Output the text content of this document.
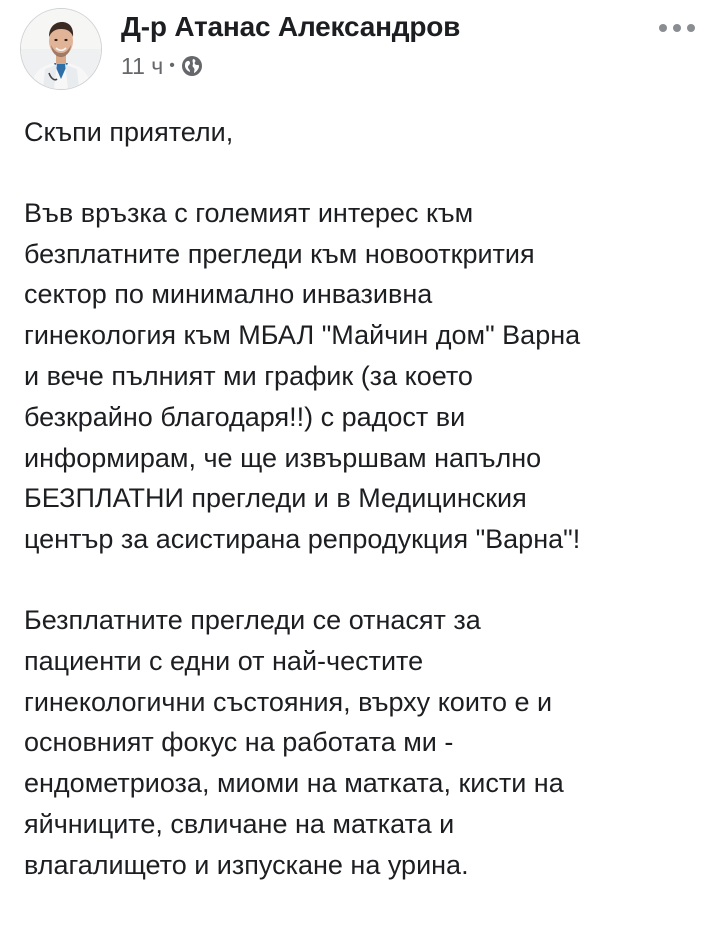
Д-р Атанас Александров
11 ч •

Скъпи приятели,

Във връзка с големият интерес към
безплатните прегледи към новооткрития
сектор по минимално инвазивна
гинекология към МБАЛ "Майчин дом" Варна
и вече пълният ми график (за което
безкрайно благодаря!!) с радост ви
информирам, че ще извършвам напълно
БЕЗПЛАТНИ прегледи и в Медицинския
център за асистирана репродукция "Варна"!

Безплатните прегледи се отнасят за
пациенти с едни от най-честите
гинекологични състояния, върху които е и
основният фокус на работата ми -
ендометриоза, миоми на матката, кисти на
яйчниците, свличане на матката и
влагалището и изпускане на урина.
